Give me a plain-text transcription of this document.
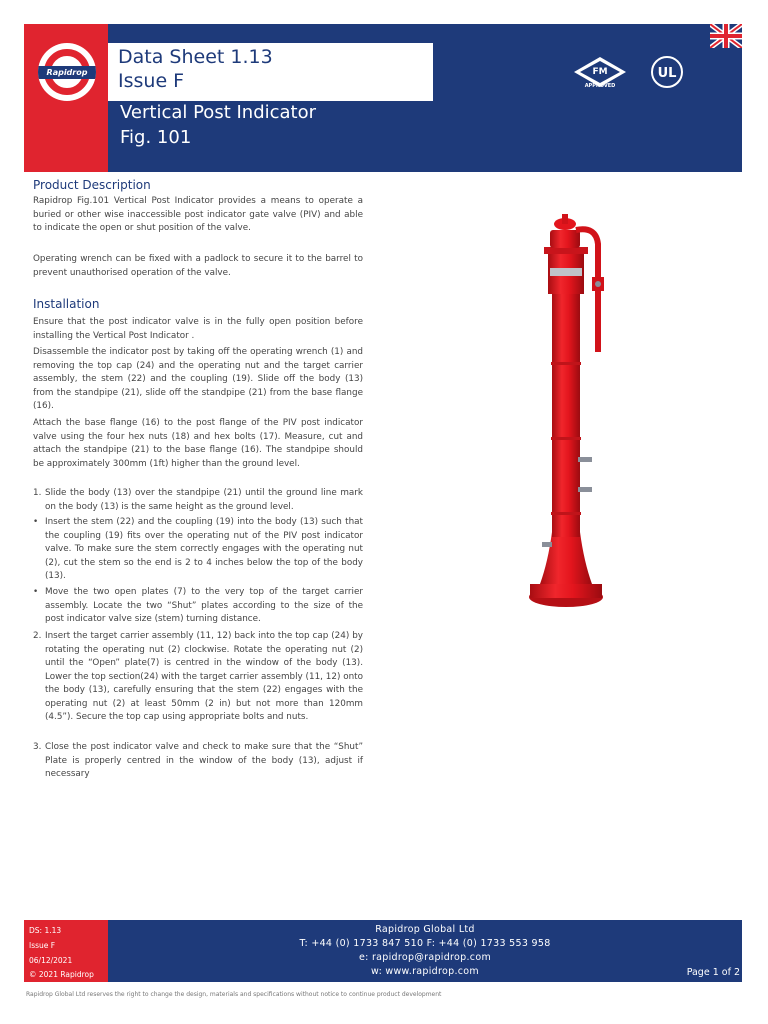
Rapidrop
Data Sheet 1.13
Issue F
Vertical Post Indicator
Fig. 101
FM
APPROVED
UL
Product Description

Rapidrop Fig.101 Vertical Post Indicator provides a means to operate a buried or other wise inaccessible post indicator gate valve (PIV) and able to indicate the open or shut position of the valve.

Operating wrench can be fixed with a padlock to secure it to the barrel to prevent unauthorised operation of the valve.

Installation

Ensure that the post indicator valve is in the fully open position before installing the Vertical Post Indicator .

Disassemble the indicator post by taking off the operating wrench (1) and removing the top cap (24) and the operating nut and the target carrier assembly, the stem (22) and the coupling (19). Slide off the body (13) from the standpipe (21), slide off the standpipe (21) from the base flange (16).

Attach the base flange (16) to the post flange of the PIV post indicator valve using the four hex nuts (18) and hex bolts (17). Measure, cut and attach the standpipe (21) to the base flange (16). The standpipe should be approximately 300mm (1ft) higher than the ground level.

1. Slide the body (13) over the standpipe (21) until the ground line mark on the body (13) is the same height as the ground level.
• Insert the stem (22) and the coupling (19) into the body (13) such that the coupling (19) fits over the operating nut of the PIV post indicator valve. To make sure the stem correctly engages with the operating nut (2), cut the stem so the end is 2 to 4 inches below the top of the body (13).
• Move the two open plates (7) to the very top of the target carrier assembly. Locate the two “Shut” plates according to the size of the post indicator valve size (stem) turning distance.
2. Insert the target carrier assembly (11, 12) back into the top cap (24) by rotating the operating nut (2) clockwise. Rotate the operating nut (2) until the “Open” plate(7) is centred in the window of the body (13). Lower the top section(24) with the target carrier assembly (11, 12) onto the body (13), carefully ensuring that the stem (22) engages with the operating nut (2) at least 50mm (2 in) but not more than 120mm (4.5”). Secure the top cap using appropriate bolts and nuts.
3. Close the post indicator valve and check to make sure that the “Shut” Plate is properly centred in the window of the body (13), adjust if necessary
DS: 1.13
Issue F
06/12/2021
© 2021 Rapidrop
Rapidrop Global Ltd
T: +44 (0) 1733 847 510 F: +44 (0) 1733 553 958
e: rapidrop@rapidrop.com
w: www.rapidrop.com	Page 1 of 2
Rapidrop Global Ltd reserves the right to change the design, materials and specifications without notice to continue product development
